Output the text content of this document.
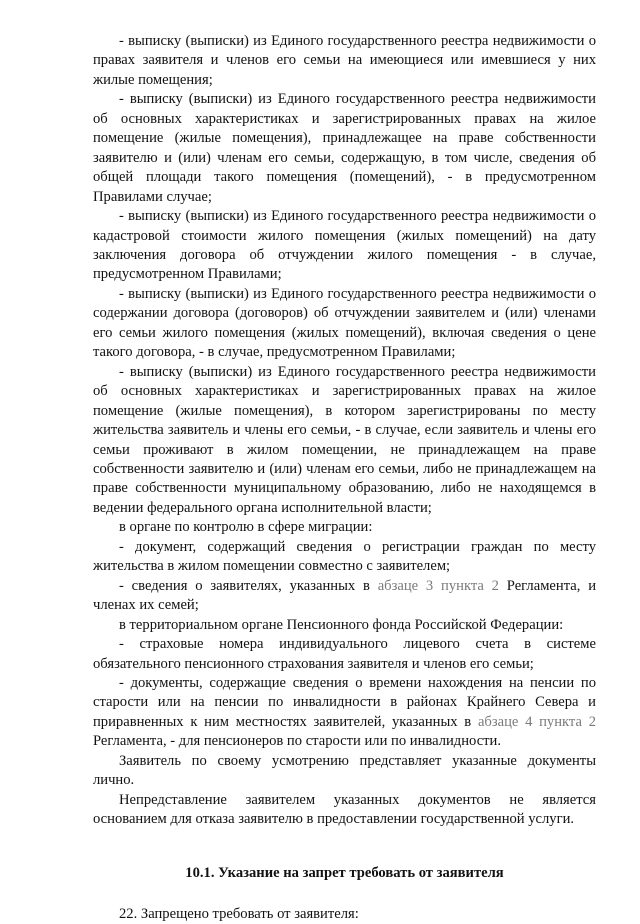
- выписку (выписки) из Единого государственного реестра недвижимости о правах заявителя и членов его семьи на имеющиеся или имевшиеся у них жилые помещения;

- выписку (выписки) из Единого государственного реестра недвижимости об основных характеристиках и зарегистрированных правах на жилое помещение (жилые помещения), принадлежащее на праве собственности заявителю и (или) членам его семьи, содержащую, в том числе, сведения об общей площади такого помещения (помещений), - в предусмотренном Правилами случае;

- выписку (выписки) из Единого государственного реестра недвижимости о кадастровой стоимости жилого помещения (жилых помещений) на дату заключения договора об отчуждении жилого помещения - в случае, предусмотренном Правилами;

- выписку (выписки) из Единого государственного реестра недвижимости о содержании договора (договоров) об отчуждении заявителем и (или) членами его семьи жилого помещения (жилых помещений), включая сведения о цене такого договора, - в случае, предусмотренном Правилами;

- выписку (выписки) из Единого государственного реестра недвижимости об основных характеристиках и зарегистрированных правах на жилое помещение (жилые помещения), в котором зарегистрированы по месту жительства заявитель и члены его семьи, - в случае, если заявитель и члены его семьи проживают в жилом помещении, не принадлежащем на праве собственности заявителю и (или) членам его семьи, либо не принадлежащем на праве собственности муниципальному образованию, либо не находящемся в ведении федерального органа исполнительной власти;

в органе по контролю в сфере миграции:

- документ, содержащий сведения о регистрации граждан по месту жительства в жилом помещении совместно с заявителем;

- сведения о заявителях, указанных в абзаце 3 пункта 2 Регламента, и членах их семей;

в территориальном органе Пенсионного фонда Российской Федерации:

- страховые номера индивидуального лицевого счета в системе обязательного пенсионного страхования заявителя и членов его семьи;

- документы, содержащие сведения о времени нахождения на пенсии по старости или на пенсии по инвалидности в районах Крайнего Севера и приравненных к ним местностях заявителей, указанных в абзаце 4 пункта 2 Регламента, - для пенсионеров по старости или по инвалидности.

Заявитель по своему усмотрению представляет указанные документы лично.

Непредставление заявителем указанных документов не является основанием для отказа заявителю в предоставлении государственной услуги.

10.1. Указание на запрет требовать от заявителя

22. Запрещено требовать от заявителя:
